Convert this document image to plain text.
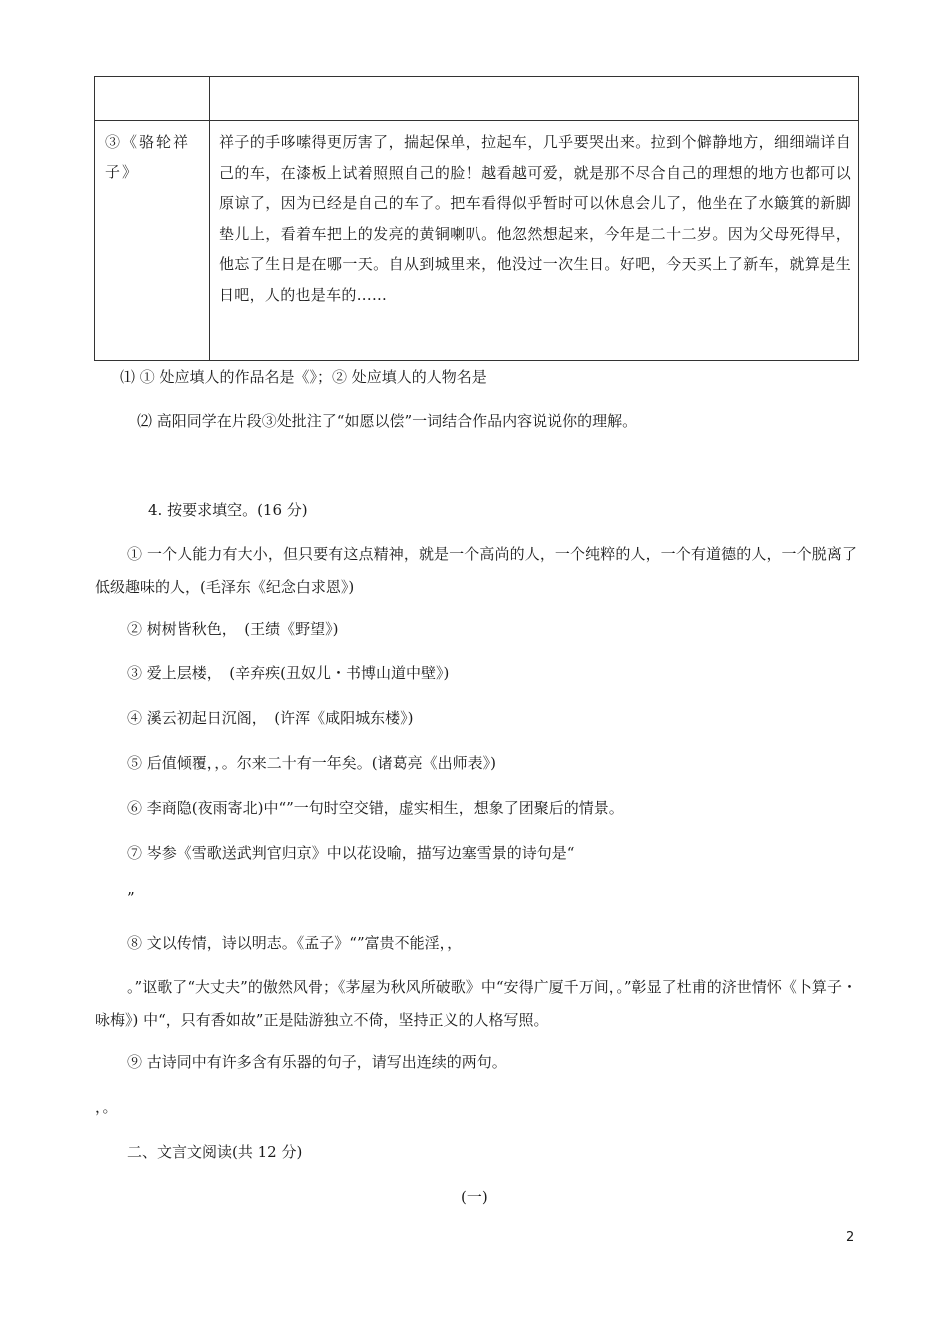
③《骆轮祥子》
祥子的手哆嗦得更厉害了，揣起保单，拉起车，几乎要哭出来。拉到个僻静地方，细细端详自己的车，在漆板上试着照照自己的脸！越看越可爱，就是那不尽合自己的理想的地方也都可以原谅了，因为已经是自己的车了。把车看得似乎暂时可以休息会儿了，他坐在了水簸箕的新脚垫儿上，看着车把上的发亮的黄铜喇叭。他忽然想起来，今年是二十二岁。因为父母死得早，他忘了生日是在哪一天。自从到城里来，他没过一次生日。好吧，今天买上了新车，就算是生日吧，人的也是车的...…
⑴ ① 处应填人的作品名是《》；② 处应填人的人物名是
⑵ 高阳同学在片段③处批注了“如愿以偿”一词结合作品内容说说你的理解。
4. 按要求填空。(16 分)
① 一个人能力有大小，但只要有这点精神，就是一个高尚的人，一个纯粹的人，一个有道德的人，一个脱离了低级趣味的人，(毛泽东《纪念白求恩》)
② 树树皆秋色，　(王绩《野望》)
③ 爱上层楼，　(辛弃疾(丑奴儿・书博山道中壁》)
④ 溪云初起日沉阁，　(许浑《咸阳城东楼》)
⑤ 后值倾覆，，。尔来二十有一年矣。(诸葛亮《出师表》)
⑥ 李商隐(夜雨寄北)中“”一句时空交错，虚实相生，想象了团聚后的情景。
⑦ 岑参《雪歌送武判官归京》中以花设喻，描写边塞雪景的诗句是“
”
⑧ 文以传情，诗以明志。《孟子》“”富贵不能淫，，
。”讴歌了“大丈夫”的傲然风骨；《茅屋为秋风所破歌》中“安得广厦千万间，。”彰显了杜甫的济世情怀《卜算子・咏梅》) 中“，只有香如故”正是陆游独立不倚，坚持正义的人格写照。
⑨ 古诗同中有许多含有乐器的句子，请写出连续的两句。
，。
二、文言文阅读(共 12 分)
(一)
2
